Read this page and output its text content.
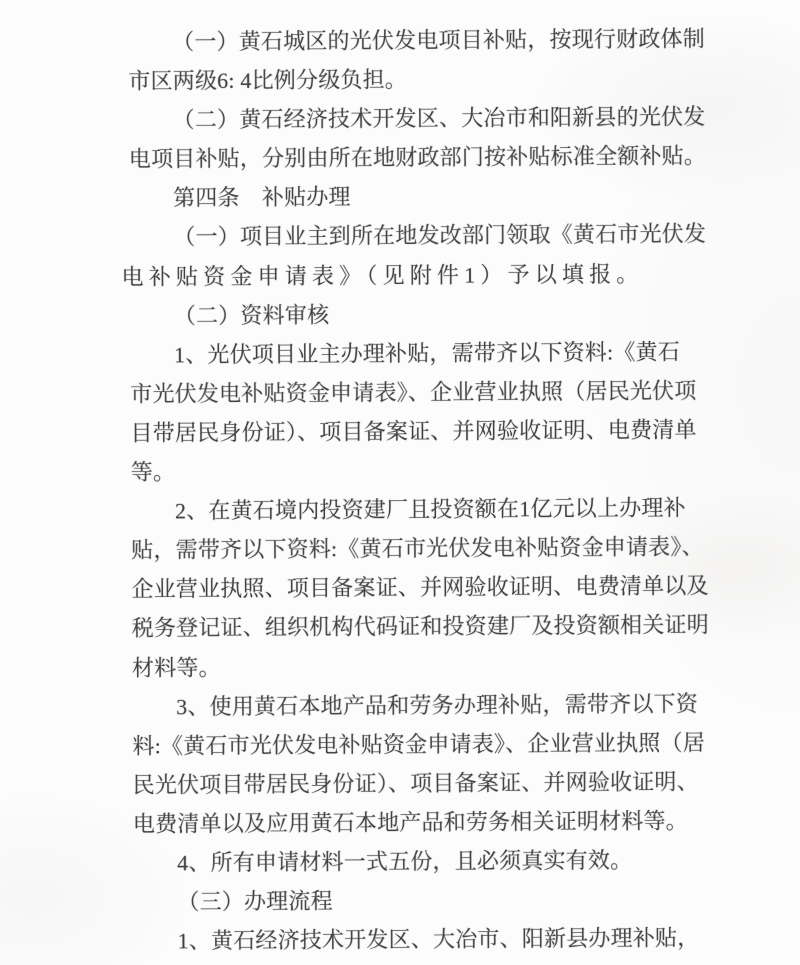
（一）黄石城区的光伏发电项目补贴，按现行财政体制
市区两级6: 4比例分级负担。
（二）黄石经济技术开发区、大冶市和阳新县的光伏发
电项目补贴，分别由所在地财政部门按补贴标准全额补贴。
第四条　补贴办理
（一）项目业主到所在地发改部门领取《黄石市光伏发
电补贴资金申请表》（见附件1）予以填报。
（二）资料审核
1、光伏项目业主办理补贴，需带齐以下资料:《黄石
市光伏发电补贴资金申请表》、企业营业执照（居民光伏项
目带居民身份证）、项目备案证、并网验收证明、电费清单
等。
2、在黄石境内投资建厂且投资额在1亿元以上办理补
贴，需带齐以下资料:《黄石市光伏发电补贴资金申请表》、
企业营业执照、项目备案证、并网验收证明、电费清单以及
税务登记证、组织机构代码证和投资建厂及投资额相关证明
材料等。
3、使用黄石本地产品和劳务办理补贴，需带齐以下资
料:《黄石市光伏发电补贴资金申请表》、企业营业执照（居
民光伏项目带居民身份证）、项目备案证、并网验收证明、
电费清单以及应用黄石本地产品和劳务相关证明材料等。
4、所有申请材料一式五份，且必须真实有效。
（三）办理流程
1、黄石经济技术开发区、大冶市、阳新县办理补贴，
